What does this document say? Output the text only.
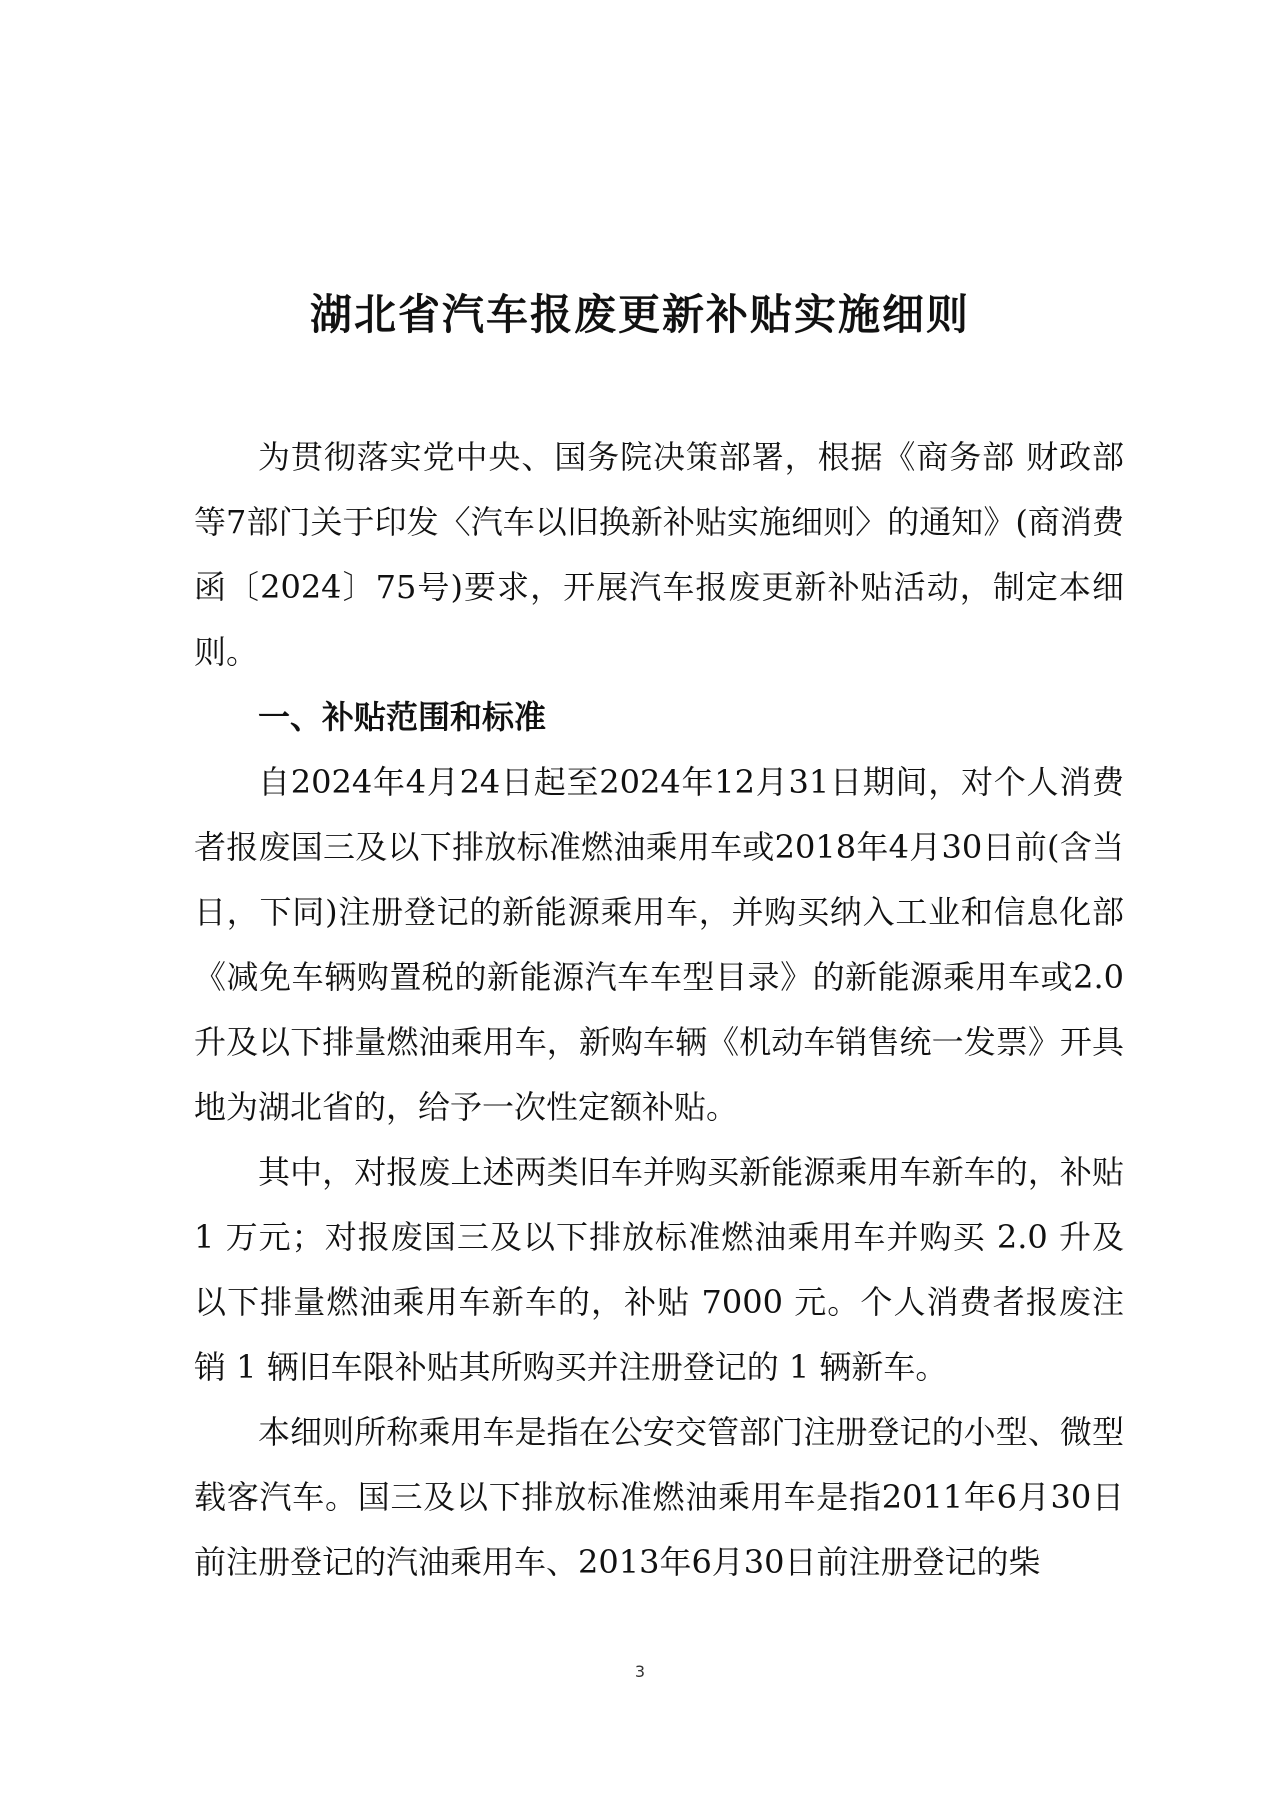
湖北省汽车报废更新补贴实施细则

为贯彻落实党中央、国务院决策部署，根据《商务部 财政部等7部门关于印发〈汽车以旧换新补贴实施细则〉的通知》(商消费函〔2024〕75号)要求，开展汽车报废更新补贴活动，制定本细则。

一、补贴范围和标准

自2024年4月24日起至2024年12月31日期间，对个人消费者报废国三及以下排放标准燃油乘用车或2018年4月30日前(含当日，下同)注册登记的新能源乘用车，并购买纳入工业和信息化部《减免车辆购置税的新能源汽车车型目录》的新能源乘用车或2.0升及以下排量燃油乘用车，新购车辆《机动车销售统一发票》开具地为湖北省的，给予一次性定额补贴。

其中，对报废上述两类旧车并购买新能源乘用车新车的，补贴 1 万元；对报废国三及以下排放标准燃油乘用车并购买 2.0 升及以下排量燃油乘用车新车的，补贴 7000 元。个人消费者报废注销 1 辆旧车限补贴其所购买并注册登记的 1 辆新车。

本细则所称乘用车是指在公安交管部门注册登记的小型、微型载客汽车。国三及以下排放标准燃油乘用车是指2011年6月30日前注册登记的汽油乘用车、2013年6月30日前注册登记的柴

3
